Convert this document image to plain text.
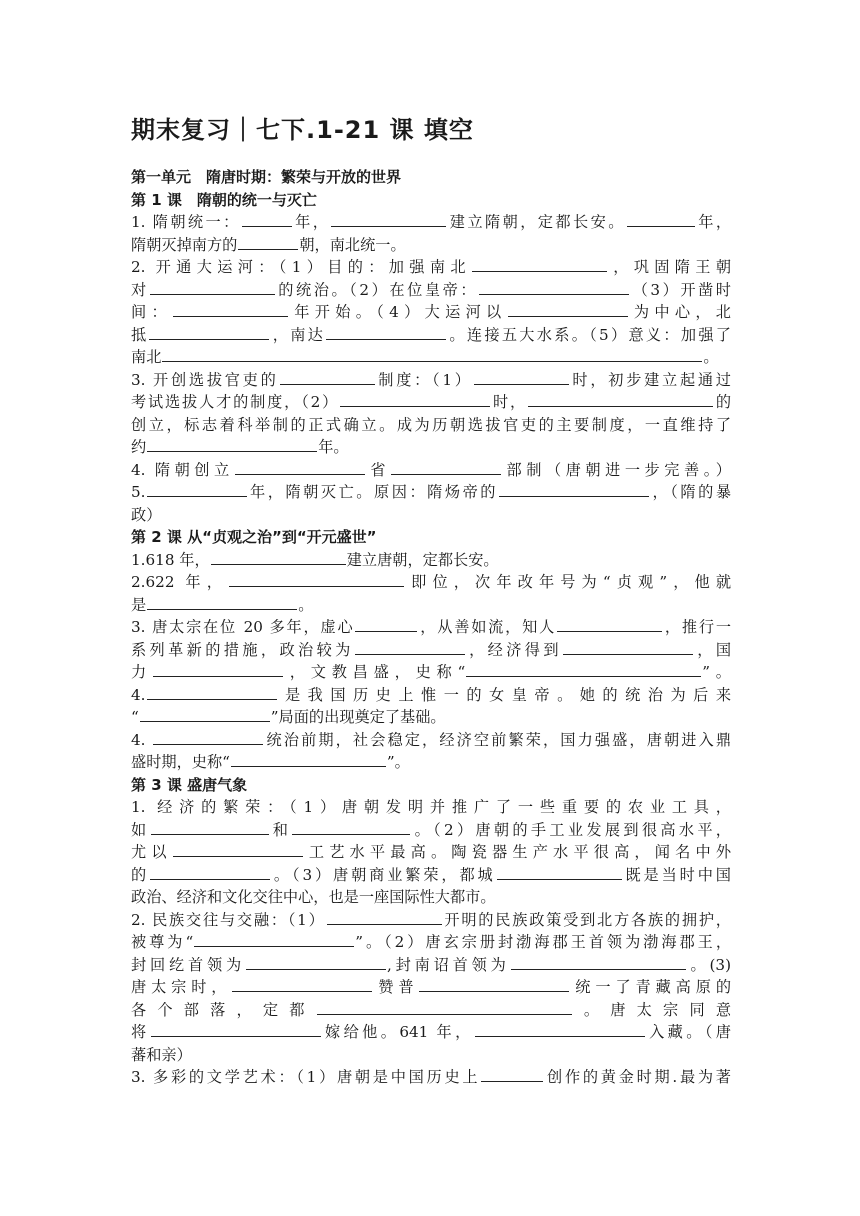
期末复习｜七下.1-21 课 填空
第一单元　隋唐时期：繁荣与开放的世界
第 1 课　隋朝的统一与灭亡
1. 隋朝统一：	年，	建立隋朝，定都长安。	年，
隋朝灭掉南方的	朝，南北统一。
2. 开通大运河：（1）目的：加强南北	，巩固隋王朝
对	的统治。（2）在位皇帝：	（3）开凿时
间：	年开始。（4）大运河以	为中心，北
抵	，南达	。连接五大水系。（5）意义：加强了
南北	。
3. 开创选拔官吏的	制度：（1）	时，初步建立起通过
考试选拔人才的制度，（2）	时，	的
创立，标志着科举制的正式确立。成为历朝选拔官吏的主要制度，一直维持了
约	年。
4. 隋朝创立	省	部制（唐朝进一步完善。）
5.	年，隋朝灭亡。原因：隋炀帝的	，（隋的暴
政）
第 2 课 从“贞观之治”到“开元盛世”
1.618 年，	建立唐朝，定都长安。
2.622 年，	即位，次年改年号为“贞观”，他就
是	。
3. 唐太宗在位 20 多年，虚心	，从善如流，知人	，推行一
系列革新的措施，政治较为	，经济得到	，国
力	，文教昌盛，史称“	”。
4.	是我国历史上惟一的女皇帝。她的统治为后来
“	”局面的出现奠定了基础。
4.	统治前期，社会稳定，经济空前繁荣，国力强盛，唐朝进入鼎
盛时期，史称“	”。
第 3 课 盛唐气象
1. 经济的繁荣：（1）唐朝发明并推广了一些重要的农业工具，
如	和	。（2）唐朝的手工业发展到很高水平，
尤以	工艺水平最高。陶瓷器生产水平很高，闻名中外
的	。（3）唐朝商业繁荣，都城	既是当时中国
政治、经济和文化交往中心，也是一座国际性大都市。
2. 民族交往与交融：（1）	开明的民族政策受到北方各族的拥护，
被尊为“	”。（2）唐玄宗册封渤海郡王首领为渤海郡王，
封回纥首领为	,封南诏首领为	。(3)
唐太宗时，	赞普	统一了青藏高原的
各个部落，定都	。唐太宗同意
将	嫁给他。641 年，	入藏。（唐
蕃和亲）
3. 多彩的文学艺术：（1）唐朝是中国历史上	创作的黄金时期.最为著
